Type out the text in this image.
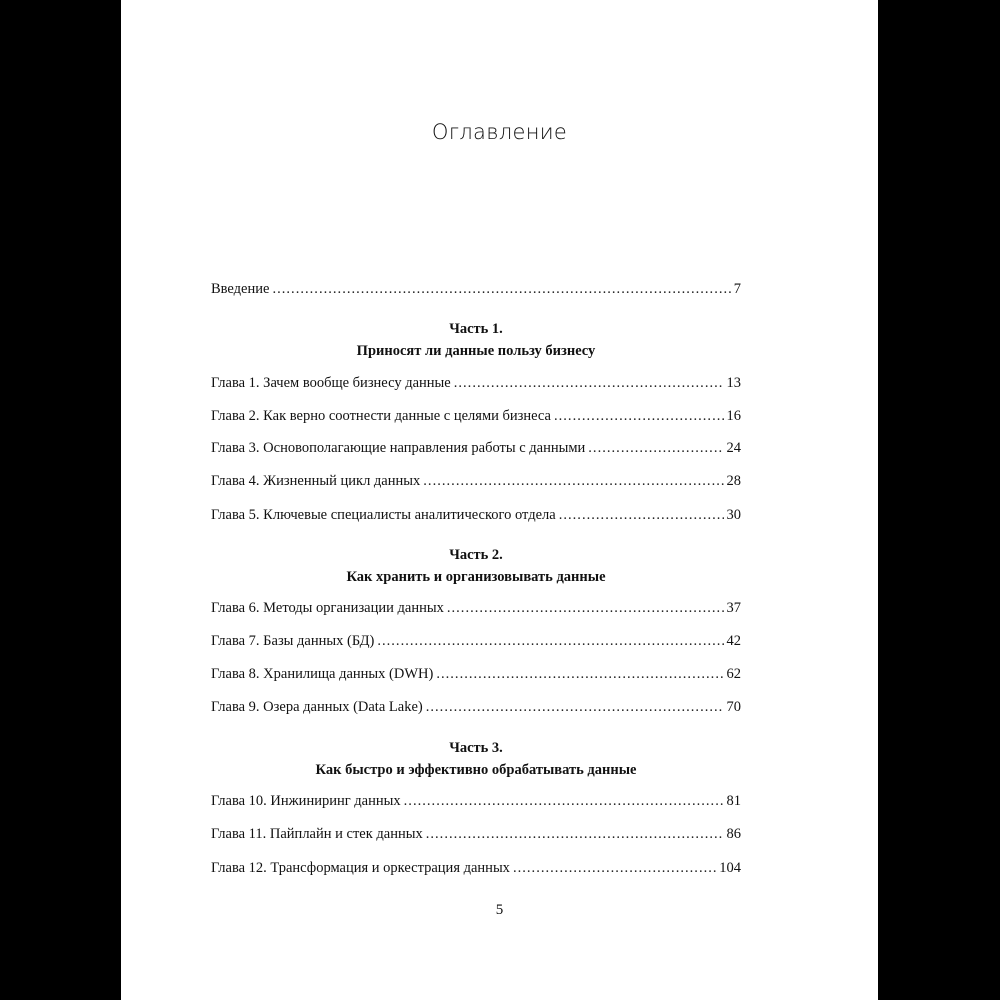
Оглавление
Введение . . .	7
Часть 1.
Приносят ли данные пользу бизнесу
Глава 1. Зачем вообще бизнесу данные . . .	13
Глава 2. Как верно соотнести данные с целями бизнеса . . .	16
Глава 3. Основополагающие направления работы с данными . . .	24
Глава 4. Жизненный цикл данных . . .	28
Глава 5. Ключевые специалисты аналитического отдела . . .	30
Часть 2.
Как хранить и организовывать данные
Глава 6. Методы организации данных . . .	37
Глава 7. Базы данных (БД) . . .	42
Глава 8. Хранилища данных (DWH) . . .	62
Глава 9. Озера данных (Data Lake) . . .	70
Часть 3.
Как быстро и эффективно обрабатывать данные
Глава 10. Инжиниринг данных . . .	81
Глава 11. Пайплайн и стек данных . . .	86
Глава 12. Трансформация и оркестрация данных . . .	104
5
